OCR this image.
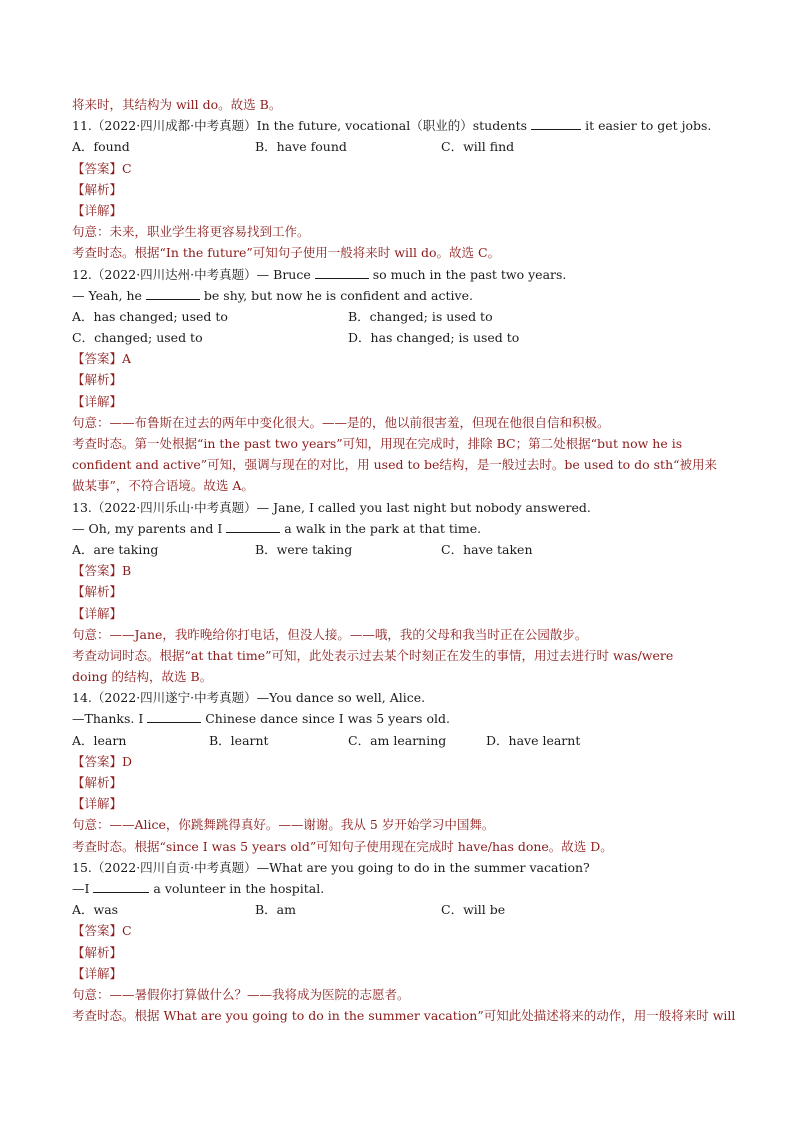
将来时，其结构为 will do。故选 B。
11.（2022·四川成都·中考真题）In the future, vocational（职业的）students	it easier to get jobs.
A．found	B．have found	C．will find
【答案】C
【解析】
【详解】
句意：未来，职业学生将更容易找到工作。
考查时态。根据“In the future”可知句子使用一般将来时 will do。故选 C。
12.（2022·四川达州·中考真题）— Bruce	so much in the past two years.
— Yeah, he	be shy, but now he is confident and active.
A．has changed; used to	B．changed; is used to
C．changed; used to	D．has changed; is used to
【答案】A
【解析】
【详解】
句意：——布鲁斯在过去的两年中变化很大。——是的，他以前很害羞，但现在他很自信和积极。
考查时态。第一处根据“in the past two years”可知，用现在完成时，排除 BC；第二处根据“but now he is
confident and active”可知，强调与现在的对比，用 used to be结构，是一般过去时。be used to do sth“被用来
做某事”，不符合语境。故选 A。
13.（2022·四川乐山·中考真题）— Jane, I called you last night but nobody answered.
— Oh, my parents and I	a walk in the park at that time.
A．are taking	B．were taking	C．have taken
【答案】B
【解析】
【详解】
句意：——Jane，我昨晚给你打电话，但没人接。——哦，我的父母和我当时正在公园散步。
考查动词时态。根据“at that time”可知，此处表示过去某个时刻正在发生的事情，用过去进行时 was/were
doing 的结构，故选 B。
14.（2022·四川遂宁·中考真题）—You dance so well, Alice.
—Thanks. I	Chinese dance since I was 5 years old.
A．learn	B．learnt	C．am learning	D．have learnt
【答案】D
【解析】
【详解】
句意：——Alice，你跳舞跳得真好。——谢谢。我从 5 岁开始学习中国舞。
考查时态。根据“since I was 5 years old”可知句子使用现在完成时 have/has done。故选 D。
15.（2022·四川自贡·中考真题）—What are you going to do in the summer vacation?
—I	a volunteer in the hospital.
A．was	B．am	C．will be
【答案】C
【解析】
【详解】
句意：——暑假你打算做什么？——我将成为医院的志愿者。
考查时态。根据 What are you going to do in the summer vacation”可知此处描述将来的动作，用一般将来时 will
